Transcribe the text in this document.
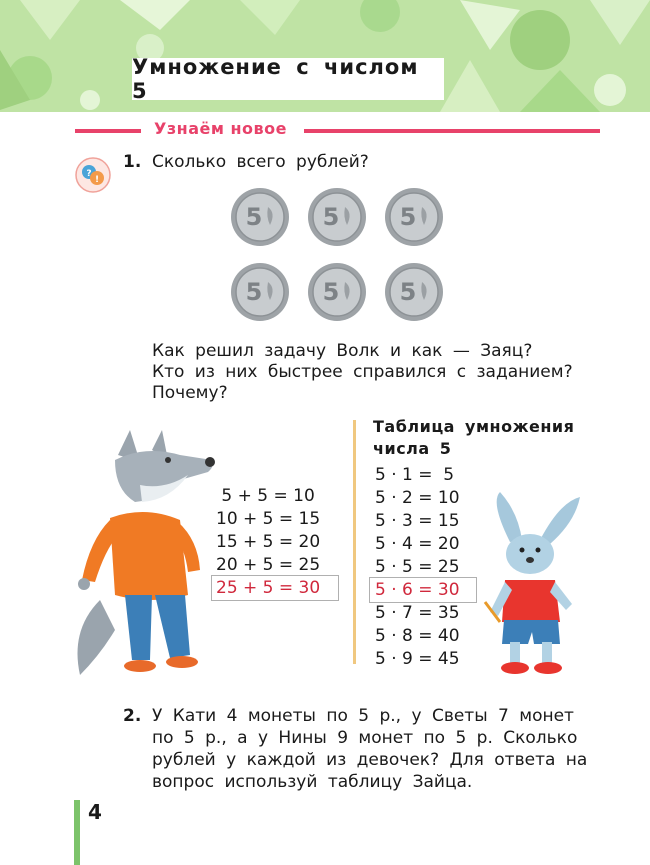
Умножение с числом 5
Узнаём новое
?
!
1. Сколько всего рублей?
5	5	5
5	5	5
Как решил задачу Волк и как — Заяц?
Кто из них быстрее справился с заданием?
Почему?
5 + 5 = 10
10 + 5 = 15
15 + 5 = 20
20 + 5 = 25
25 + 5 = 30
Таблица умножения
числа 5
5 · 1 =  5
5 · 2 = 10
5 · 3 = 15
5 · 4 = 20
5 · 5 = 25
5 · 6 = 30
5 · 7 = 35
5 · 8 = 40
5 · 9 = 45
2. У Кати 4 монеты по 5 р., у Светы 7 монет
по 5 р., а у Нины 9 монет по 5 р. Сколько
рублей у каждой из девочек? Для ответа на
вопрос используй таблицу Зайца.
4
